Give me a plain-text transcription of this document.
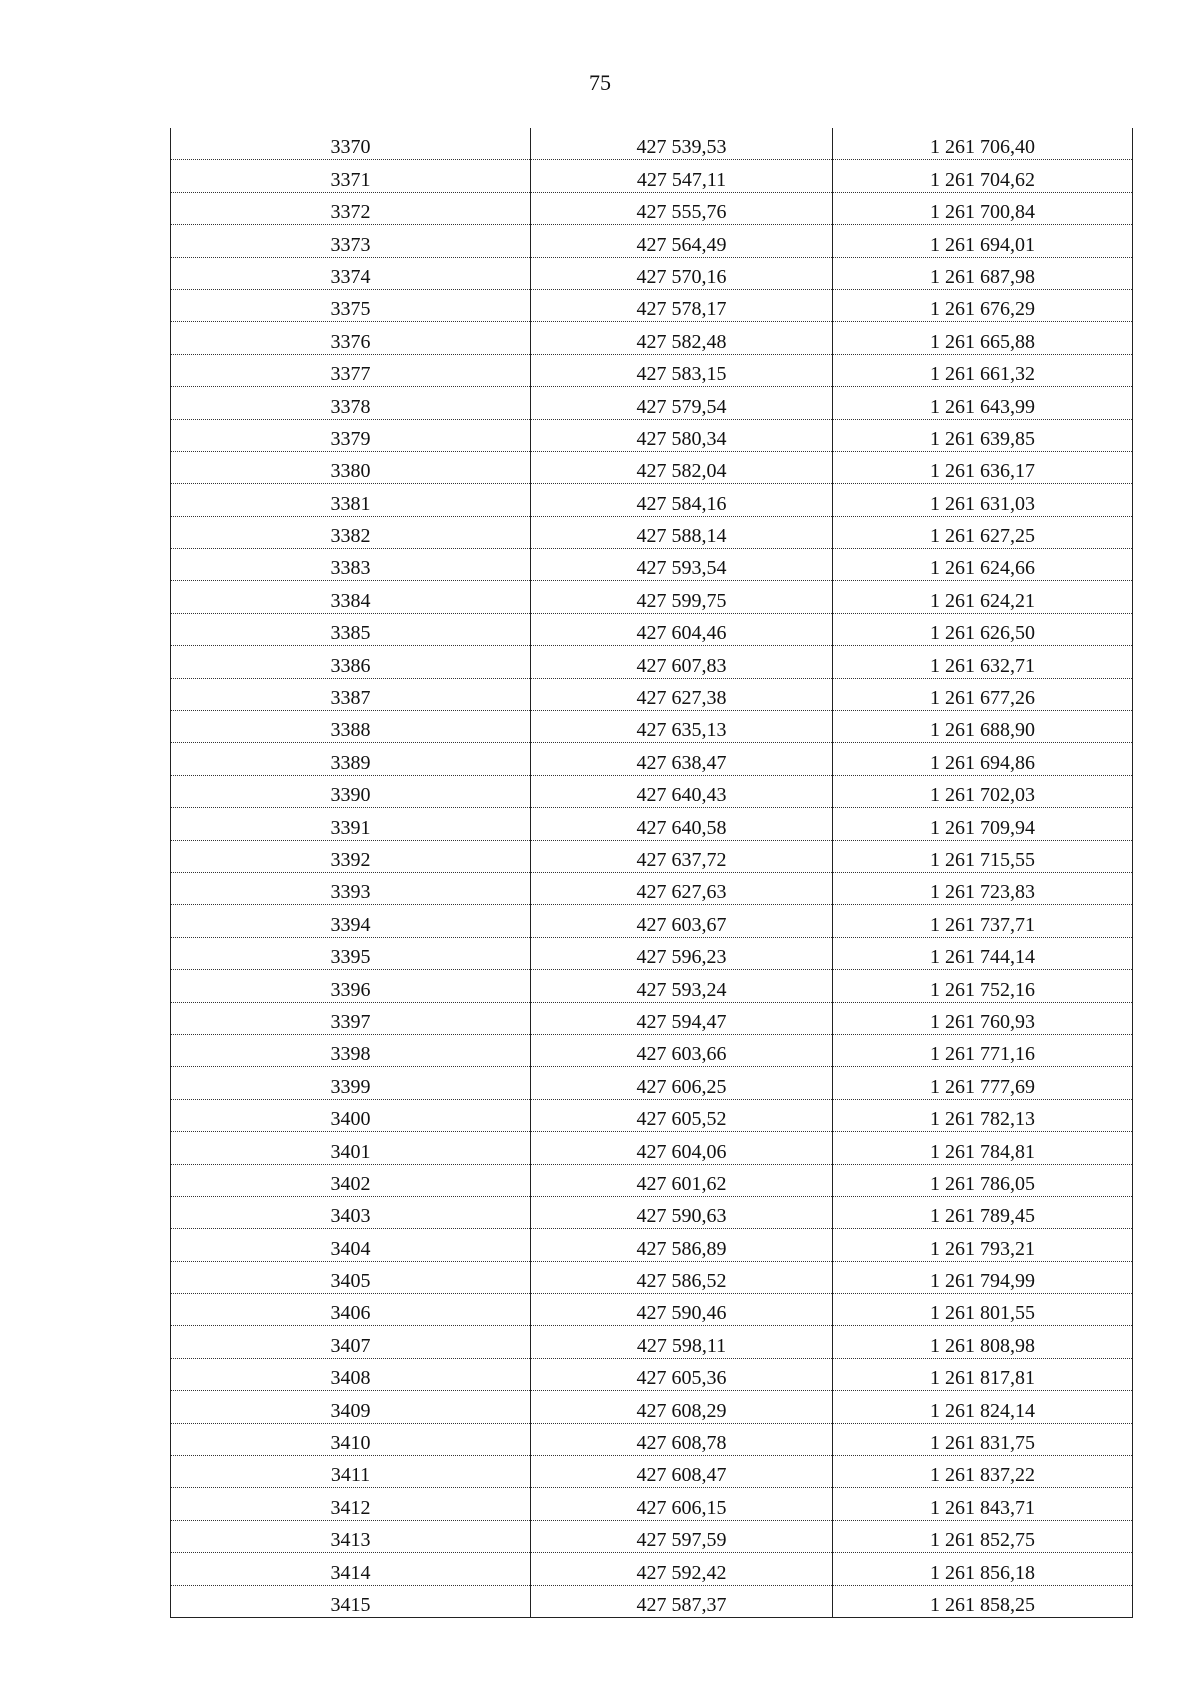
75
3370	427 539,53	1 261 706,40
3371	427 547,11	1 261 704,62
3372	427 555,76	1 261 700,84
3373	427 564,49	1 261 694,01
3374	427 570,16	1 261 687,98
3375	427 578,17	1 261 676,29
3376	427 582,48	1 261 665,88
3377	427 583,15	1 261 661,32
3378	427 579,54	1 261 643,99
3379	427 580,34	1 261 639,85
3380	427 582,04	1 261 636,17
3381	427 584,16	1 261 631,03
3382	427 588,14	1 261 627,25
3383	427 593,54	1 261 624,66
3384	427 599,75	1 261 624,21
3385	427 604,46	1 261 626,50
3386	427 607,83	1 261 632,71
3387	427 627,38	1 261 677,26
3388	427 635,13	1 261 688,90
3389	427 638,47	1 261 694,86
3390	427 640,43	1 261 702,03
3391	427 640,58	1 261 709,94
3392	427 637,72	1 261 715,55
3393	427 627,63	1 261 723,83
3394	427 603,67	1 261 737,71
3395	427 596,23	1 261 744,14
3396	427 593,24	1 261 752,16
3397	427 594,47	1 261 760,93
3398	427 603,66	1 261 771,16
3399	427 606,25	1 261 777,69
3400	427 605,52	1 261 782,13
3401	427 604,06	1 261 784,81
3402	427 601,62	1 261 786,05
3403	427 590,63	1 261 789,45
3404	427 586,89	1 261 793,21
3405	427 586,52	1 261 794,99
3406	427 590,46	1 261 801,55
3407	427 598,11	1 261 808,98
3408	427 605,36	1 261 817,81
3409	427 608,29	1 261 824,14
3410	427 608,78	1 261 831,75
3411	427 608,47	1 261 837,22
3412	427 606,15	1 261 843,71
3413	427 597,59	1 261 852,75
3414	427 592,42	1 261 856,18
3415	427 587,37	1 261 858,25
